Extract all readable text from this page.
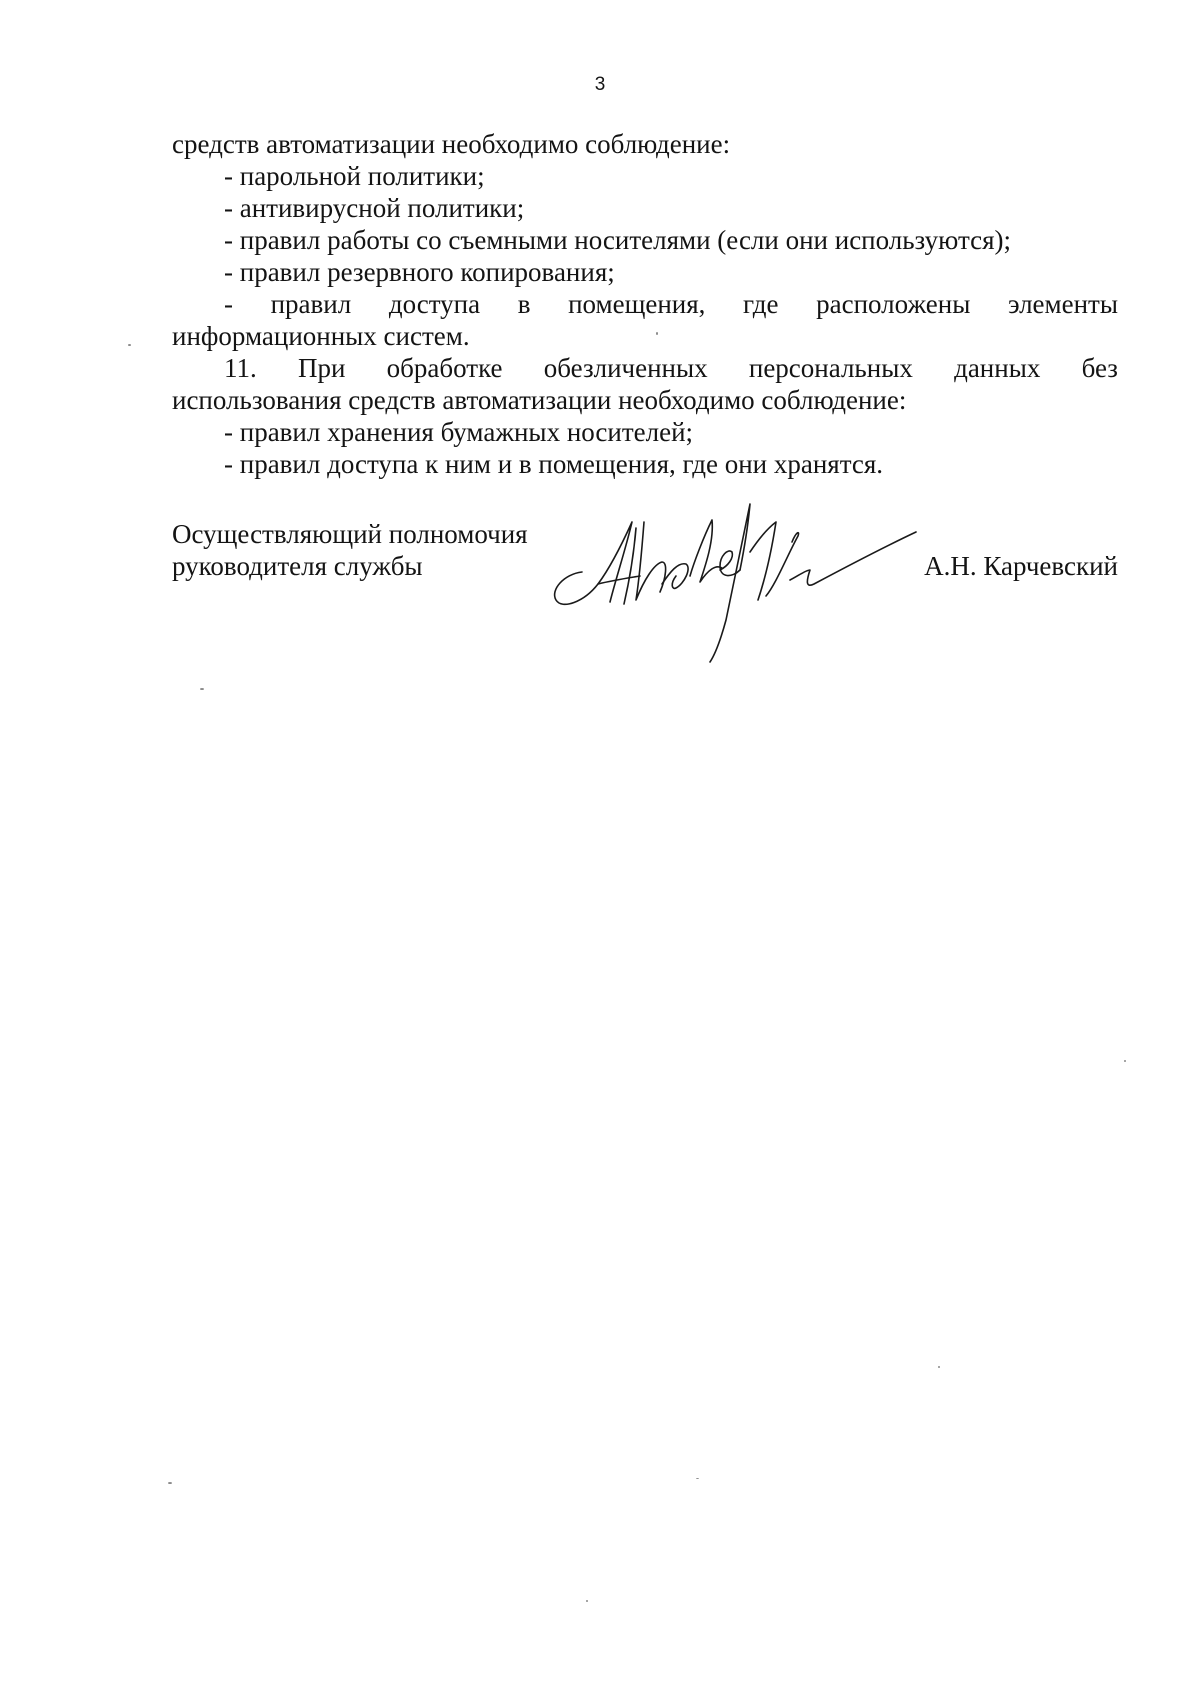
3
средств автоматизации необходимо соблюдение:
- парольной политики;
- антивирусной политики;
- правил работы со съемными носителями (если они используются);
- правил резервного копирования;
- правил доступа в помещения, где расположены элементы
информационных систем.
11. При обработке обезличенных персональных данных без
использования средств автоматизации необходимо соблюдение:
- правил хранения бумажных носителей;
- правил доступа к ним и в помещения, где они хранятся.
Осуществляющий полномочия
руководителя службы	А.Н. Карчевский
